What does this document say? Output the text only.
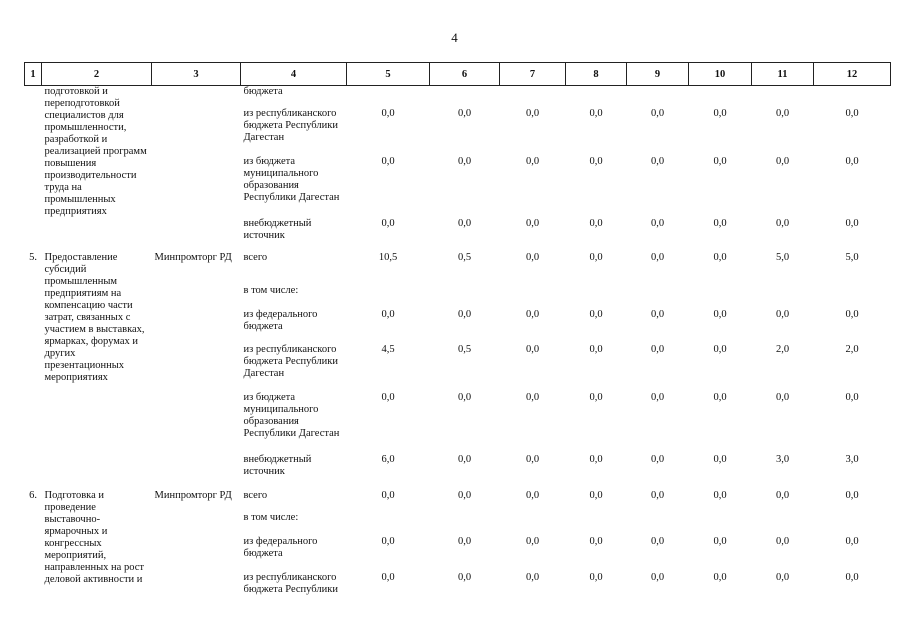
4
1	2	3	4	5	6	7	8	9	10	11	12
	подготовкой и переподготовкой специалистов для промышленности, разработкой и реализацией программ повышения производительности труда на промышленных предприятиях		бюджета								
			из республиканского бюджета Республики Дагестан	0,0	0,0	0,0	0,0	0,0	0,0	0,0	0,0
			из бюджета муниципального образования Республики Дагестан	0,0	0,0	0,0	0,0	0,0	0,0	0,0	0,0
			внебюджетный источник	0,0	0,0	0,0	0,0	0,0	0,0	0,0	0,0
5.	Предоставление субсидий промышленным предприятиям на компенсацию части затрат, связанных с участием в выставках, ярмарках, форумах и других презентационных мероприятиях	Минпромторг РД	всего	10,5	0,5	0,0	0,0	0,0	0,0	5,0	5,0
			в том числе:								
			из федерального бюджета	0,0	0,0	0,0	0,0	0,0	0,0	0,0	0,0
			из республиканского бюджета Республики Дагестан	4,5	0,5	0,0	0,0	0,0	0,0	2,0	2,0
			из бюджета муниципального образования Республики Дагестан	0,0	0,0	0,0	0,0	0,0	0,0	0,0	0,0
			внебюджетный источник	6,0	0,0	0,0	0,0	0,0	0,0	3,0	3,0
6.	Подготовка и проведение выставочно-ярмарочных и конгрессных мероприятий, направленных на рост деловой активности и	Минпромторг РД	всего	0,0	0,0	0,0	0,0	0,0	0,0	0,0	0,0
			в том числе:								
			из федерального бюджета	0,0	0,0	0,0	0,0	0,0	0,0	0,0	0,0
			из республиканского бюджета Республики	0,0	0,0	0,0	0,0	0,0	0,0	0,0	0,0
